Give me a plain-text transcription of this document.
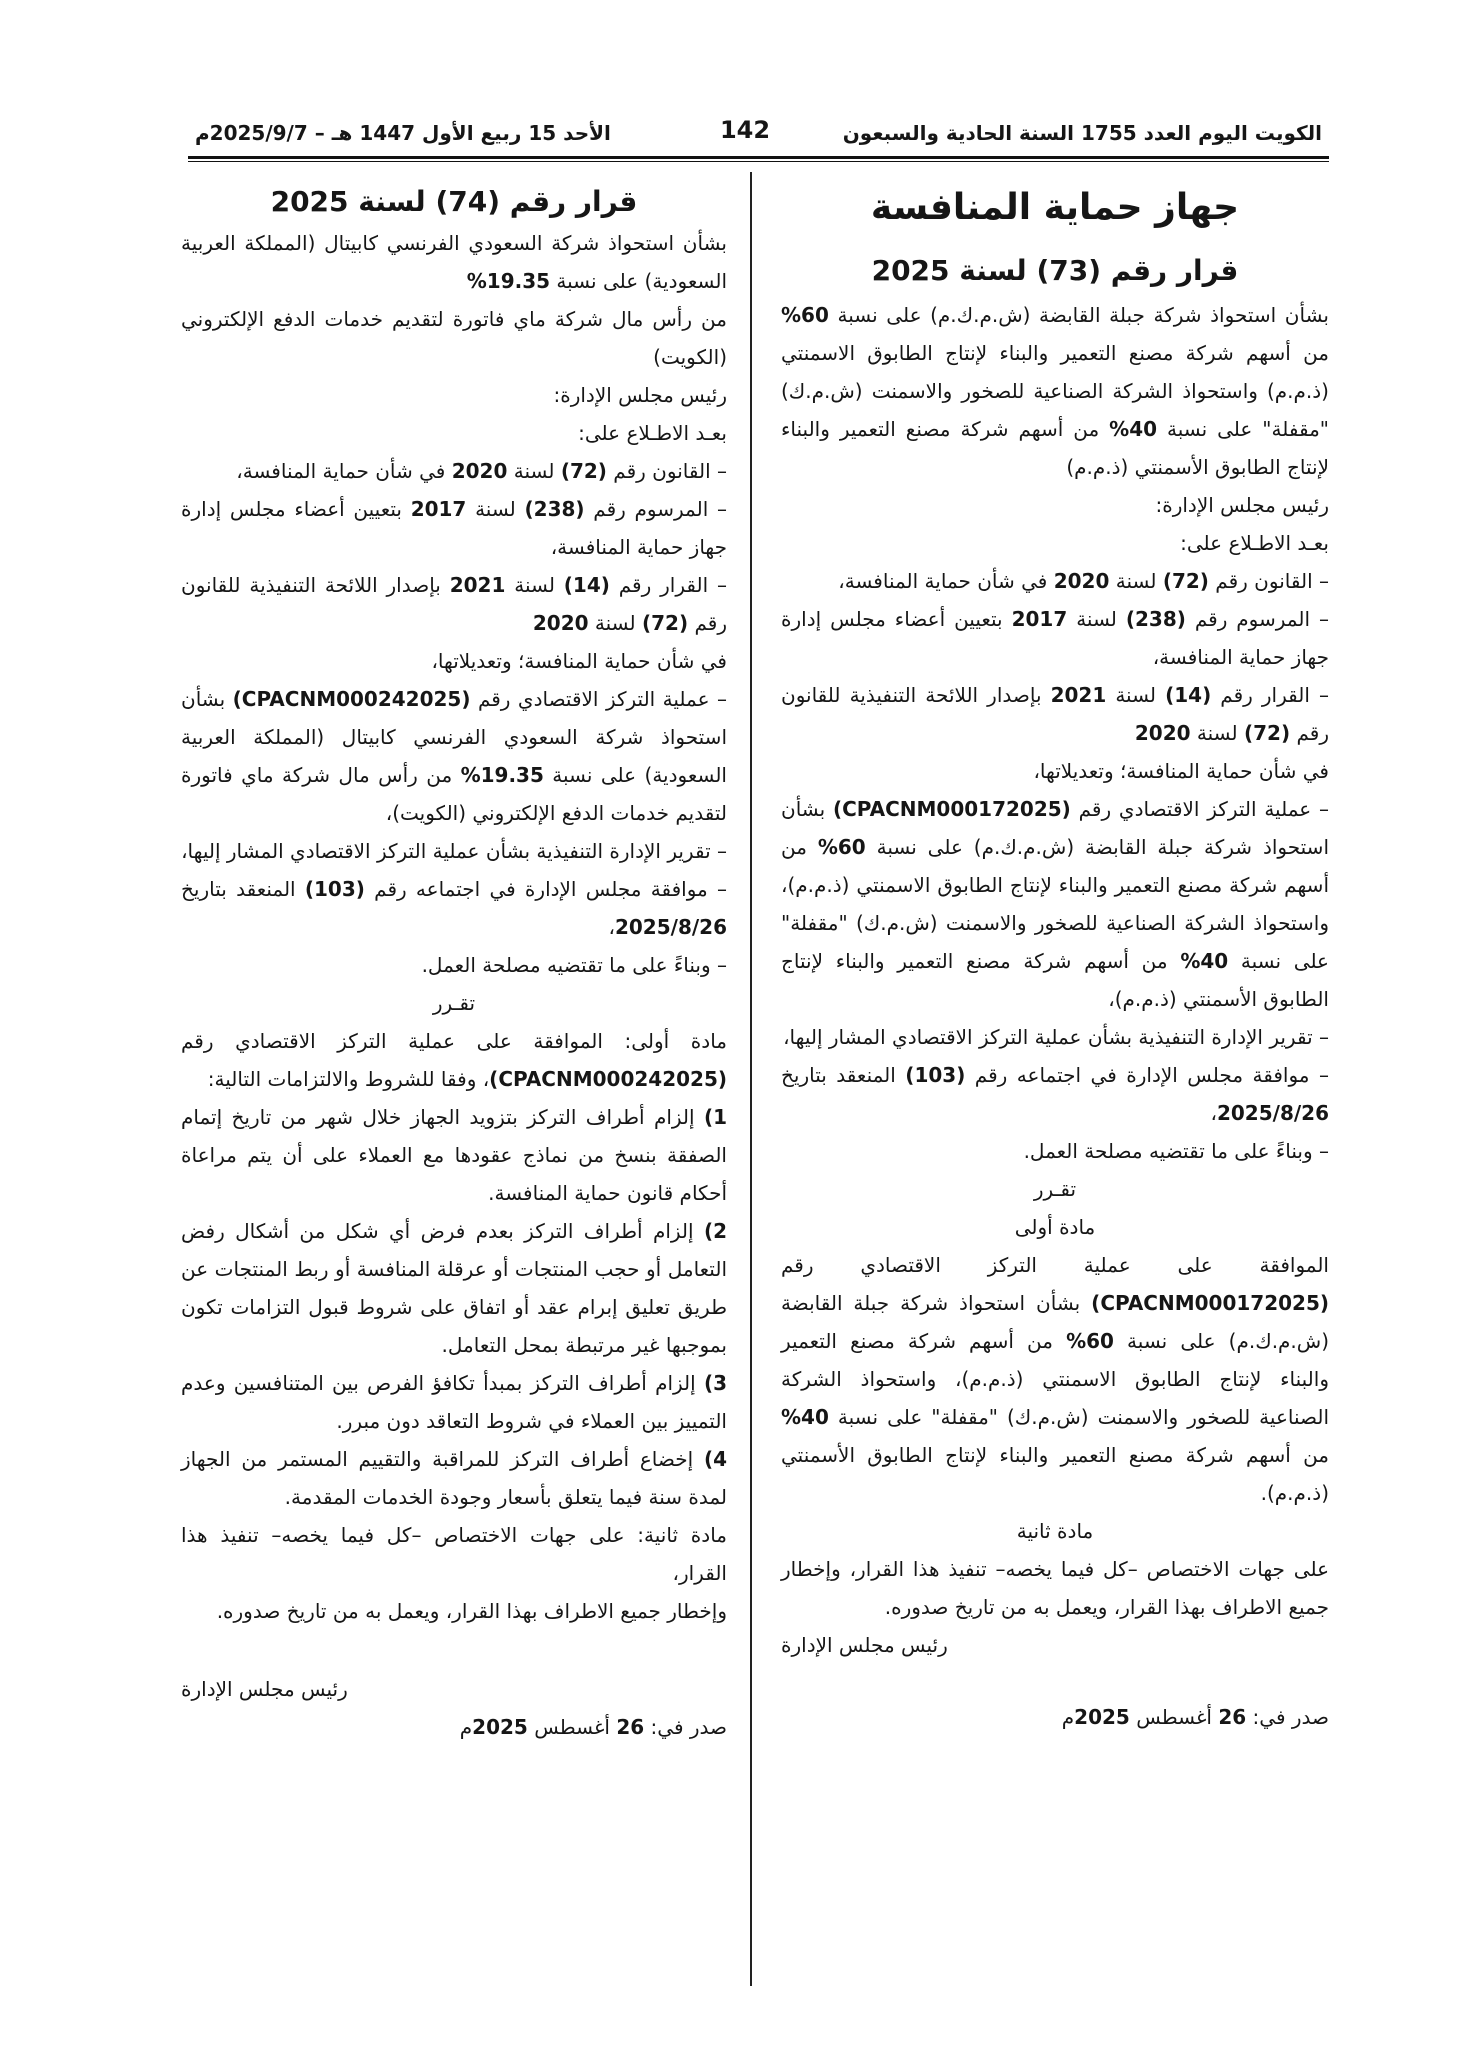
الكويت اليوم العدد 1755 السنة الحادية والسبعون
142
الأحد 15 ربيع الأول 1447 هـ – 2025/9/7م

جهاز حماية المنافسة

قرار رقم (73) لسنة 2025

بشأن استحواذ شركة جبلة القابضة (ش.م.ك.م) على نسبة 60% من أسهم شركة مصنع التعمير والبناء لإنتاج الطابوق الاسمنتي (ذ.م.م) واستحواذ الشركة الصناعية للصخور والاسمنت (ش.م.ك) "مقفلة" على نسبة 40% من أسهم شركة مصنع التعمير والبناء لإنتاج الطابوق الأسمنتي (ذ.م.م)

رئيس مجلس الإدارة:

بعـد الاطـلاع على:

– القانون رقم (72) لسنة 2020 في شأن حماية المنافسة،

– المرسوم رقم (238) لسنة 2017 بتعيين أعضاء مجلس إدارة جهاز حماية المنافسة،

– القرار رقم (14) لسنة 2021 بإصدار اللائحة التنفيذية للقانون رقم (72) لسنة 2020

في شأن حماية المنافسة؛ وتعديلاتها،

– عملية التركز الاقتصادي رقم (CPACNM000172025) بشأن استحواذ شركة جبلة القابضة (ش.م.ك.م) على نسبة 60% من أسهم شركة مصنع التعمير والبناء لإنتاج الطابوق الاسمنتي (ذ.م.م)، واستحواذ الشركة الصناعية للصخور والاسمنت (ش.م.ك) "مقفلة" على نسبة 40% من أسهم شركة مصنع التعمير والبناء لإنتاج الطابوق الأسمنتي (ذ.م.م)،

– تقرير الإدارة التنفيذية بشأن عملية التركز الاقتصادي المشار إليها،

– موافقة مجلس الإدارة في اجتماعه رقم (103) المنعقد بتاريخ 2025/8/26،

– وبناءً على ما تقتضيه مصلحة العمل.

تقـرر

مادة أولى

الموافقة على عملية التركز الاقتصادي رقم (CPACNM000172025) بشأن استحواذ شركة جبلة القابضة (ش.م.ك.م) على نسبة 60% من أسهم شركة مصنع التعمير والبناء لإنتاج الطابوق الاسمنتي (ذ.م.م)، واستحواذ الشركة الصناعية للصخور والاسمنت (ش.م.ك) "مقفلة" على نسبة 40% من أسهم شركة مصنع التعمير والبناء لإنتاج الطابوق الأسمنتي (ذ.م.م).

مادة ثانية

على جهات الاختصاص –كل فيما يخصه– تنفيذ هذا القرار، وإخطار جميع الاطراف بهذا القرار، ويعمل به من تاريخ صدوره.

رئيس مجلس الإدارة

صدر في: 26 أغسطس 2025م

قرار رقم (74) لسنة 2025

بشأن استحواذ شركة السعودي الفرنسي كابيتال (المملكة العربية السعودية) على نسبة 19.35%

من رأس مال شركة ماي فاتورة لتقديم خدمات الدفع الإلكتروني (الكويت)

رئيس مجلس الإدارة:

بعـد الاطـلاع على:

– القانون رقم (72) لسنة 2020 في شأن حماية المنافسة،

– المرسوم رقم (238) لسنة 2017 بتعيين أعضاء مجلس إدارة جهاز حماية المنافسة،

– القرار رقم (14) لسنة 2021 بإصدار اللائحة التنفيذية للقانون رقم (72) لسنة 2020

في شأن حماية المنافسة؛ وتعديلاتها،

– عملية التركز الاقتصادي رقم (CPACNM000242025) بشأن استحواذ شركة السعودي الفرنسي كابيتال (المملكة العربية السعودية) على نسبة 19.35% من رأس مال شركة ماي فاتورة لتقديم خدمات الدفع الإلكتروني (الكويت)،

– تقرير الإدارة التنفيذية بشأن عملية التركز الاقتصادي المشار إليها،

– موافقة مجلس الإدارة في اجتماعه رقم (103) المنعقد بتاريخ 2025/8/26،

– وبناءً على ما تقتضيه مصلحة العمل.

تقـرر

مادة أولى: الموافقة على عملية التركز الاقتصادي رقم (CPACNM000242025)، وفقا للشروط والالتزامات التالية:

1) إلزام أطراف التركز بتزويد الجهاز خلال شهر من تاريخ إتمام الصفقة بنسخ من نماذج عقودها مع العملاء على أن يتم مراعاة أحكام قانون حماية المنافسة.

2) إلزام أطراف التركز بعدم فرض أي شكل من أشكال رفض التعامل أو حجب المنتجات أو عرقلة المنافسة أو ربط المنتجات عن طريق تعليق إبرام عقد أو اتفاق على شروط قبول التزامات تكون بموجبها غير مرتبطة بمحل التعامل.

3) إلزام أطراف التركز بمبدأ تكافؤ الفرص بين المتنافسين وعدم التمييز بين العملاء في شروط التعاقد دون مبرر.

4) إخضاع أطراف التركز للمراقبة والتقييم المستمر من الجهاز لمدة سنة فيما يتعلق بأسعار وجودة الخدمات المقدمة.

مادة ثانية: على جهات الاختصاص –كل فيما يخصه– تنفيذ هذا القرار،

وإخطار جميع الاطراف بهذا القرار، ويعمل به من تاريخ صدوره.

رئيس مجلس الإدارة

صدر في: 26 أغسطس 2025م
